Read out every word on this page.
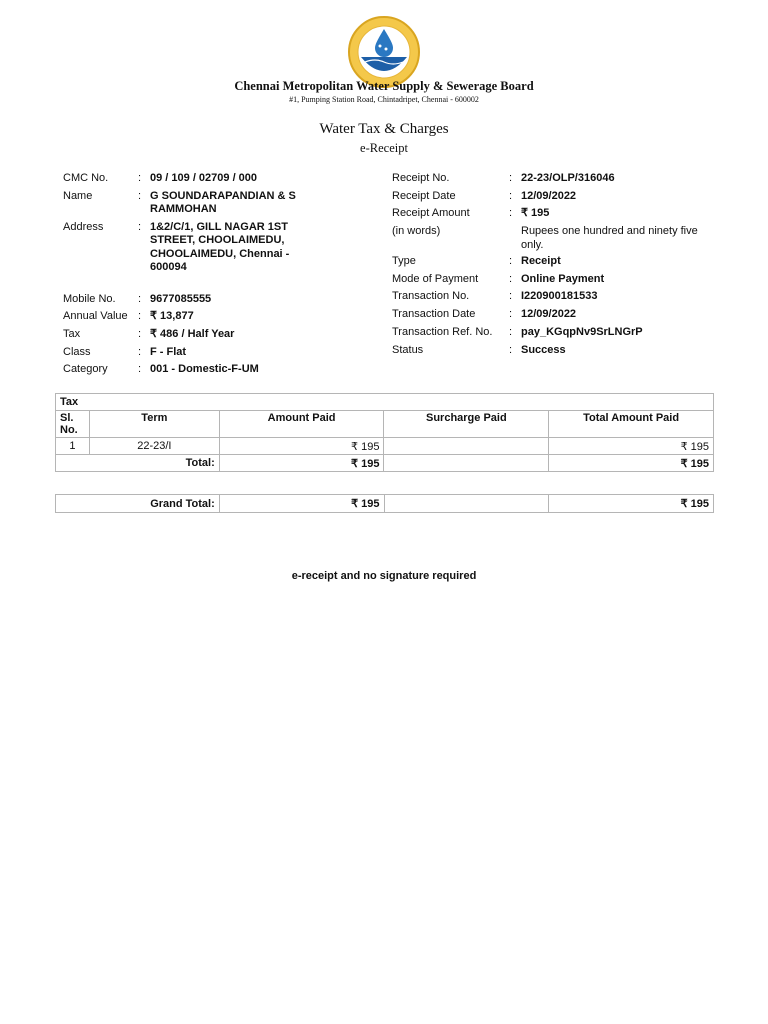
Chennai Metropolitan Water Supply & Sewerage Board
#1, Pumping Station Road, Chintadripet, Chennai - 600002
Water Tax & Charges
e-Receipt
CMC No.	: 09 / 109 / 02709 / 000
Name	: G SOUNDARAPANDIAN & S RAMMOHAN
Address	: 1&2/C/1, GILL NAGAR 1ST STREET, CHOOLAIMEDU, CHOOLAIMEDU, Chennai - 600094
Mobile No. : 9677085555
Annual Value : ₹ 13,877
Tax	: ₹ 486 / Half Year
Class	: F - Flat
Category	: 001 - Domestic-F-UM
Receipt No.	: 22-23/OLP/316046
Receipt Date	: 12/09/2022
Receipt Amount	: ₹ 195
(in words)	Rupees one hundred and ninety five only.
Type	: Receipt
Mode of Payment	: Online Payment
Transaction No.	: I220900181533
Transaction Date	: 12/09/2022
Transaction Ref. No. : pay_KGqpNv9SrLNGrP
Status	: Success
Tax				
Sl. No.	Term	Amount Paid	Surcharge Paid	Total Amount Paid
1	22-23/I	₹ 195		₹ 195
Total:		₹ 195		₹ 195
Grand Total:	₹ 195		₹ 195
e-receipt and no signature required
